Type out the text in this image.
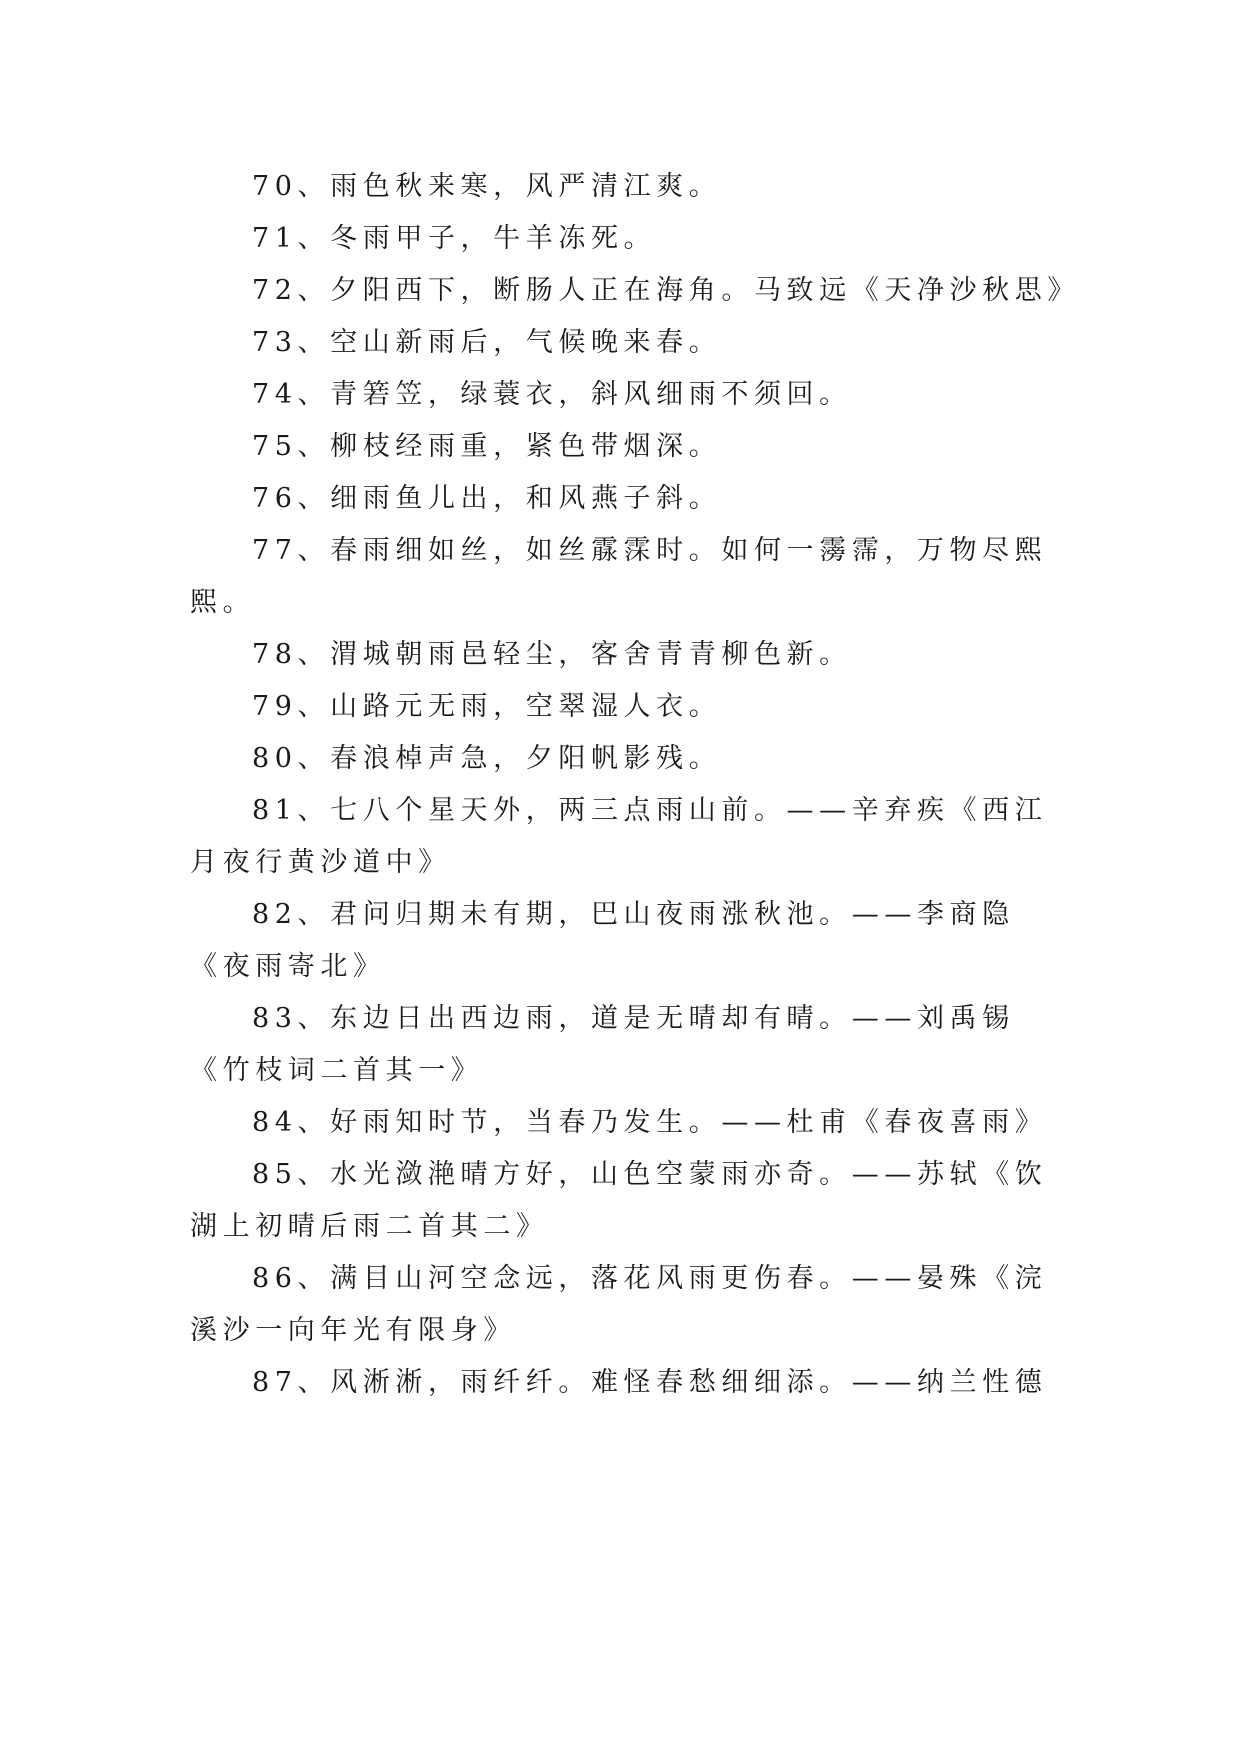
70、雨色秋来寒，风严清江爽。
71、冬雨甲子，牛羊冻死。
72、夕阳西下，断肠人正在海角。马致远《天净沙秋思》
73、空山新雨后，气候晚来春。
74、青箬笠，绿蓑衣，斜风细雨不须回。
75、柳枝经雨重，紧色带烟深。
76、细雨鱼儿出，和风燕子斜。
77、春雨细如丝，如丝霡霂时。如何一霶霈，万物尽熙
熙。
78、渭城朝雨邑轻尘，客舍青青柳色新。
79、山路元无雨，空翠湿人衣。
80、春浪棹声急，夕阳帆影残。
81、七八个星天外，两三点雨山前。——辛弃疾《西江
月夜行黄沙道中》
82、君问归期未有期，巴山夜雨涨秋池。——李商隐
《夜雨寄北》
83、东边日出西边雨，道是无晴却有晴。——刘禹锡
《竹枝词二首其一》
84、好雨知时节，当春乃发生。——杜甫《春夜喜雨》
85、水光潋滟晴方好，山色空蒙雨亦奇。——苏轼《饮
湖上初晴后雨二首其二》
86、满目山河空念远，落花风雨更伤春。——晏殊《浣
溪沙一向年光有限身》
87、风淅淅，雨纤纤。难怪春愁细细添。——纳兰性德
